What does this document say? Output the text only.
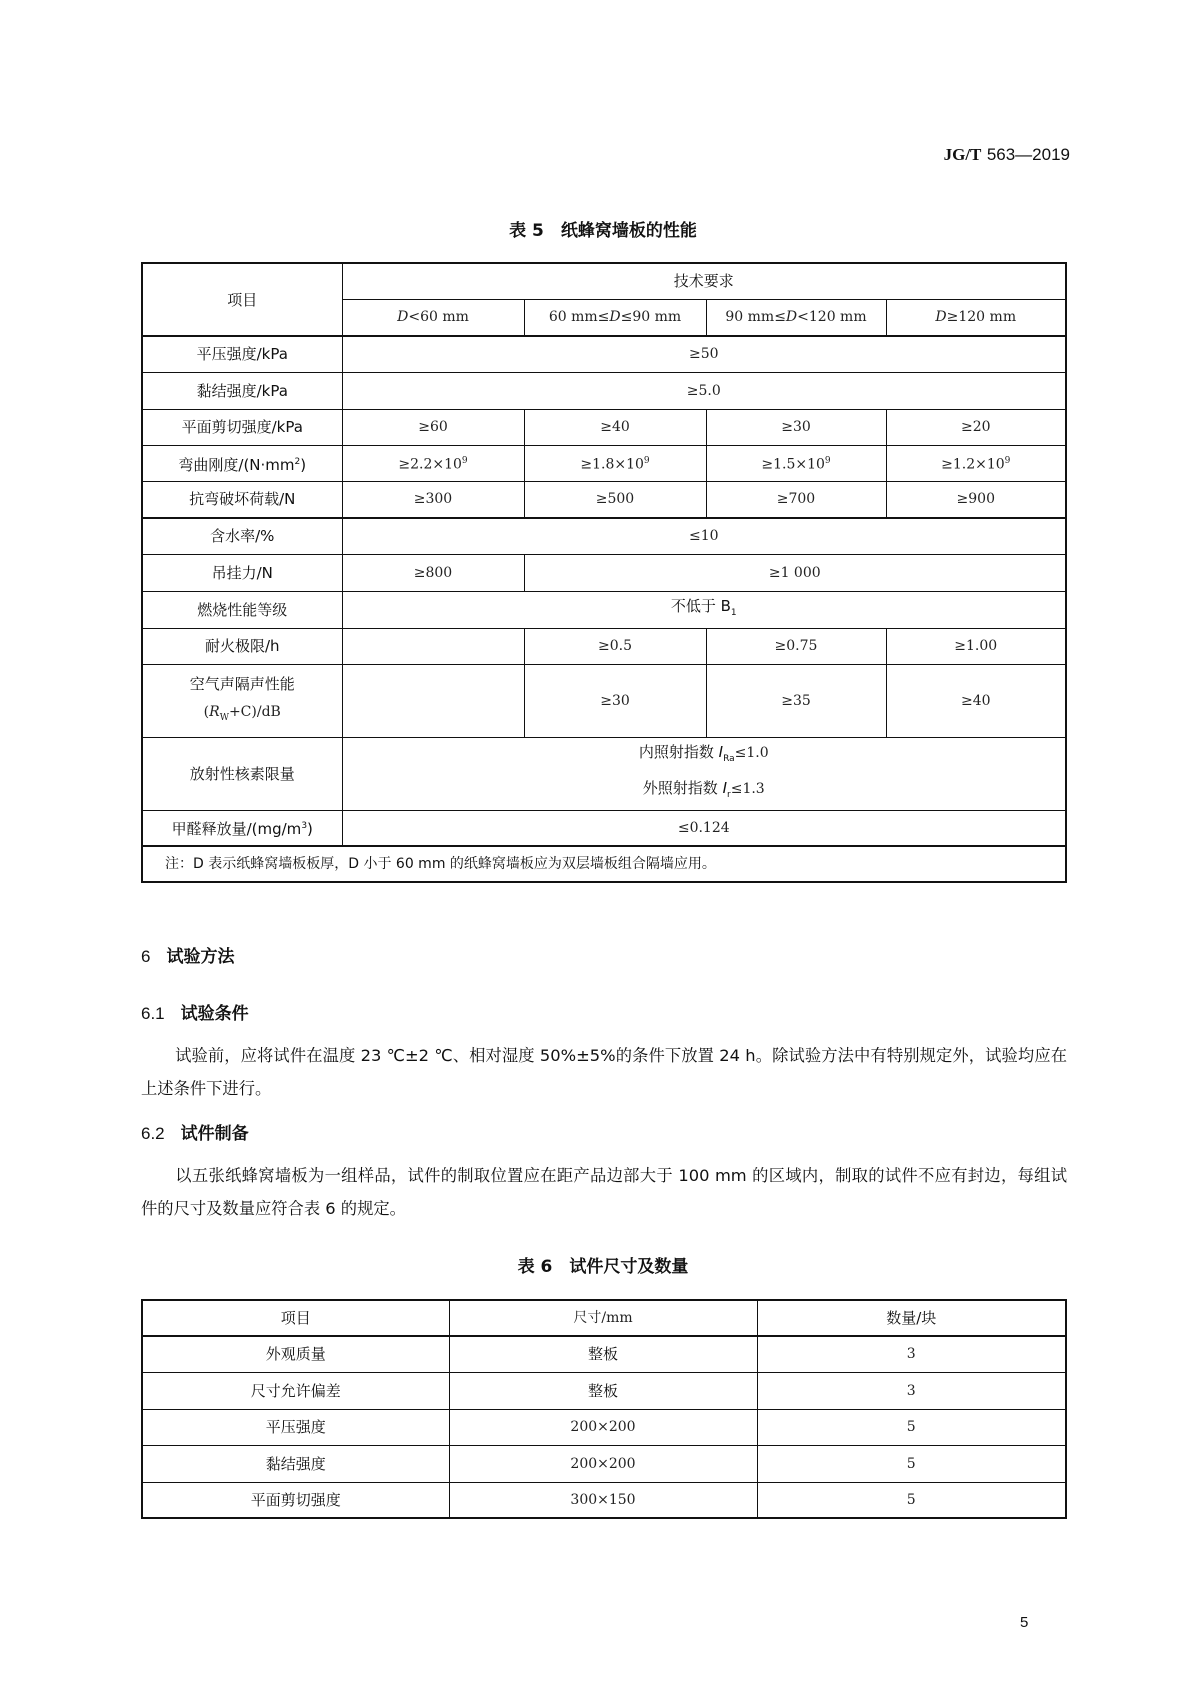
JG/T 563—2019
表 5　纸蜂窝墙板的性能
项目	技术要求
D<60 mm	60 mm≤D≤90 mm	90 mm≤D<120 mm	D≥120 mm
平压强度/kPa	≥50
黏结强度/kPa	≥5.0
平面剪切强度/kPa	≥60	≥40	≥30	≥20
弯曲刚度$/(N\cdot mm^2)$	$\ge 2.2\times 10^9$	$\ge 1.8\times 10^9$	$\ge 1.5\times 10^9$	$\ge 1.2\times 10^9$
抗弯破坏荷载/N	≥300	≥500	≥700	≥900
含水率/%	≤10
吊挂力/N	≥800	≥1 000
燃烧性能等级	不低于 $B_1$
耐火极限/h		≥0.5	≥0.75	≥1.00

空气声隔声性能
$(R_W+C)/dB$
		≥30	≥35	≥40
放射性核素限量	
内照射指数 $I_{Ra}\le 1.0$
外照射指数 $I_r\le 1.3$

甲醛释放量$/(mg/m^3)$	≤0.124
注：D 表示纸蜂窝墙板板厚，D 小于 60 mm 的纸蜂窝墙板应为双层墙板组合隔墙应用。
6 试验方法
6.1 试验条件
试验前，应将试件在温度 23 ℃±2 ℃、相对湿度 50%±5%的条件下放置 24 h。除试验方法中有特别规定外，试验均应在上述条件下进行。
6.2 试件制备
以五张纸蜂窝墙板为一组样品，试件的制取位置应在距产品边部大于 100 mm 的区域内，制取的试件不应有封边，每组试件的尺寸及数量应符合表 6 的规定。
表 6　试件尺寸及数量
项目	尺寸/mm	数量/块
外观质量	整板	3
尺寸允许偏差	整板	3
平压强度	200×200	5
黏结强度	200×200	5
平面剪切强度	300×150	5
5
